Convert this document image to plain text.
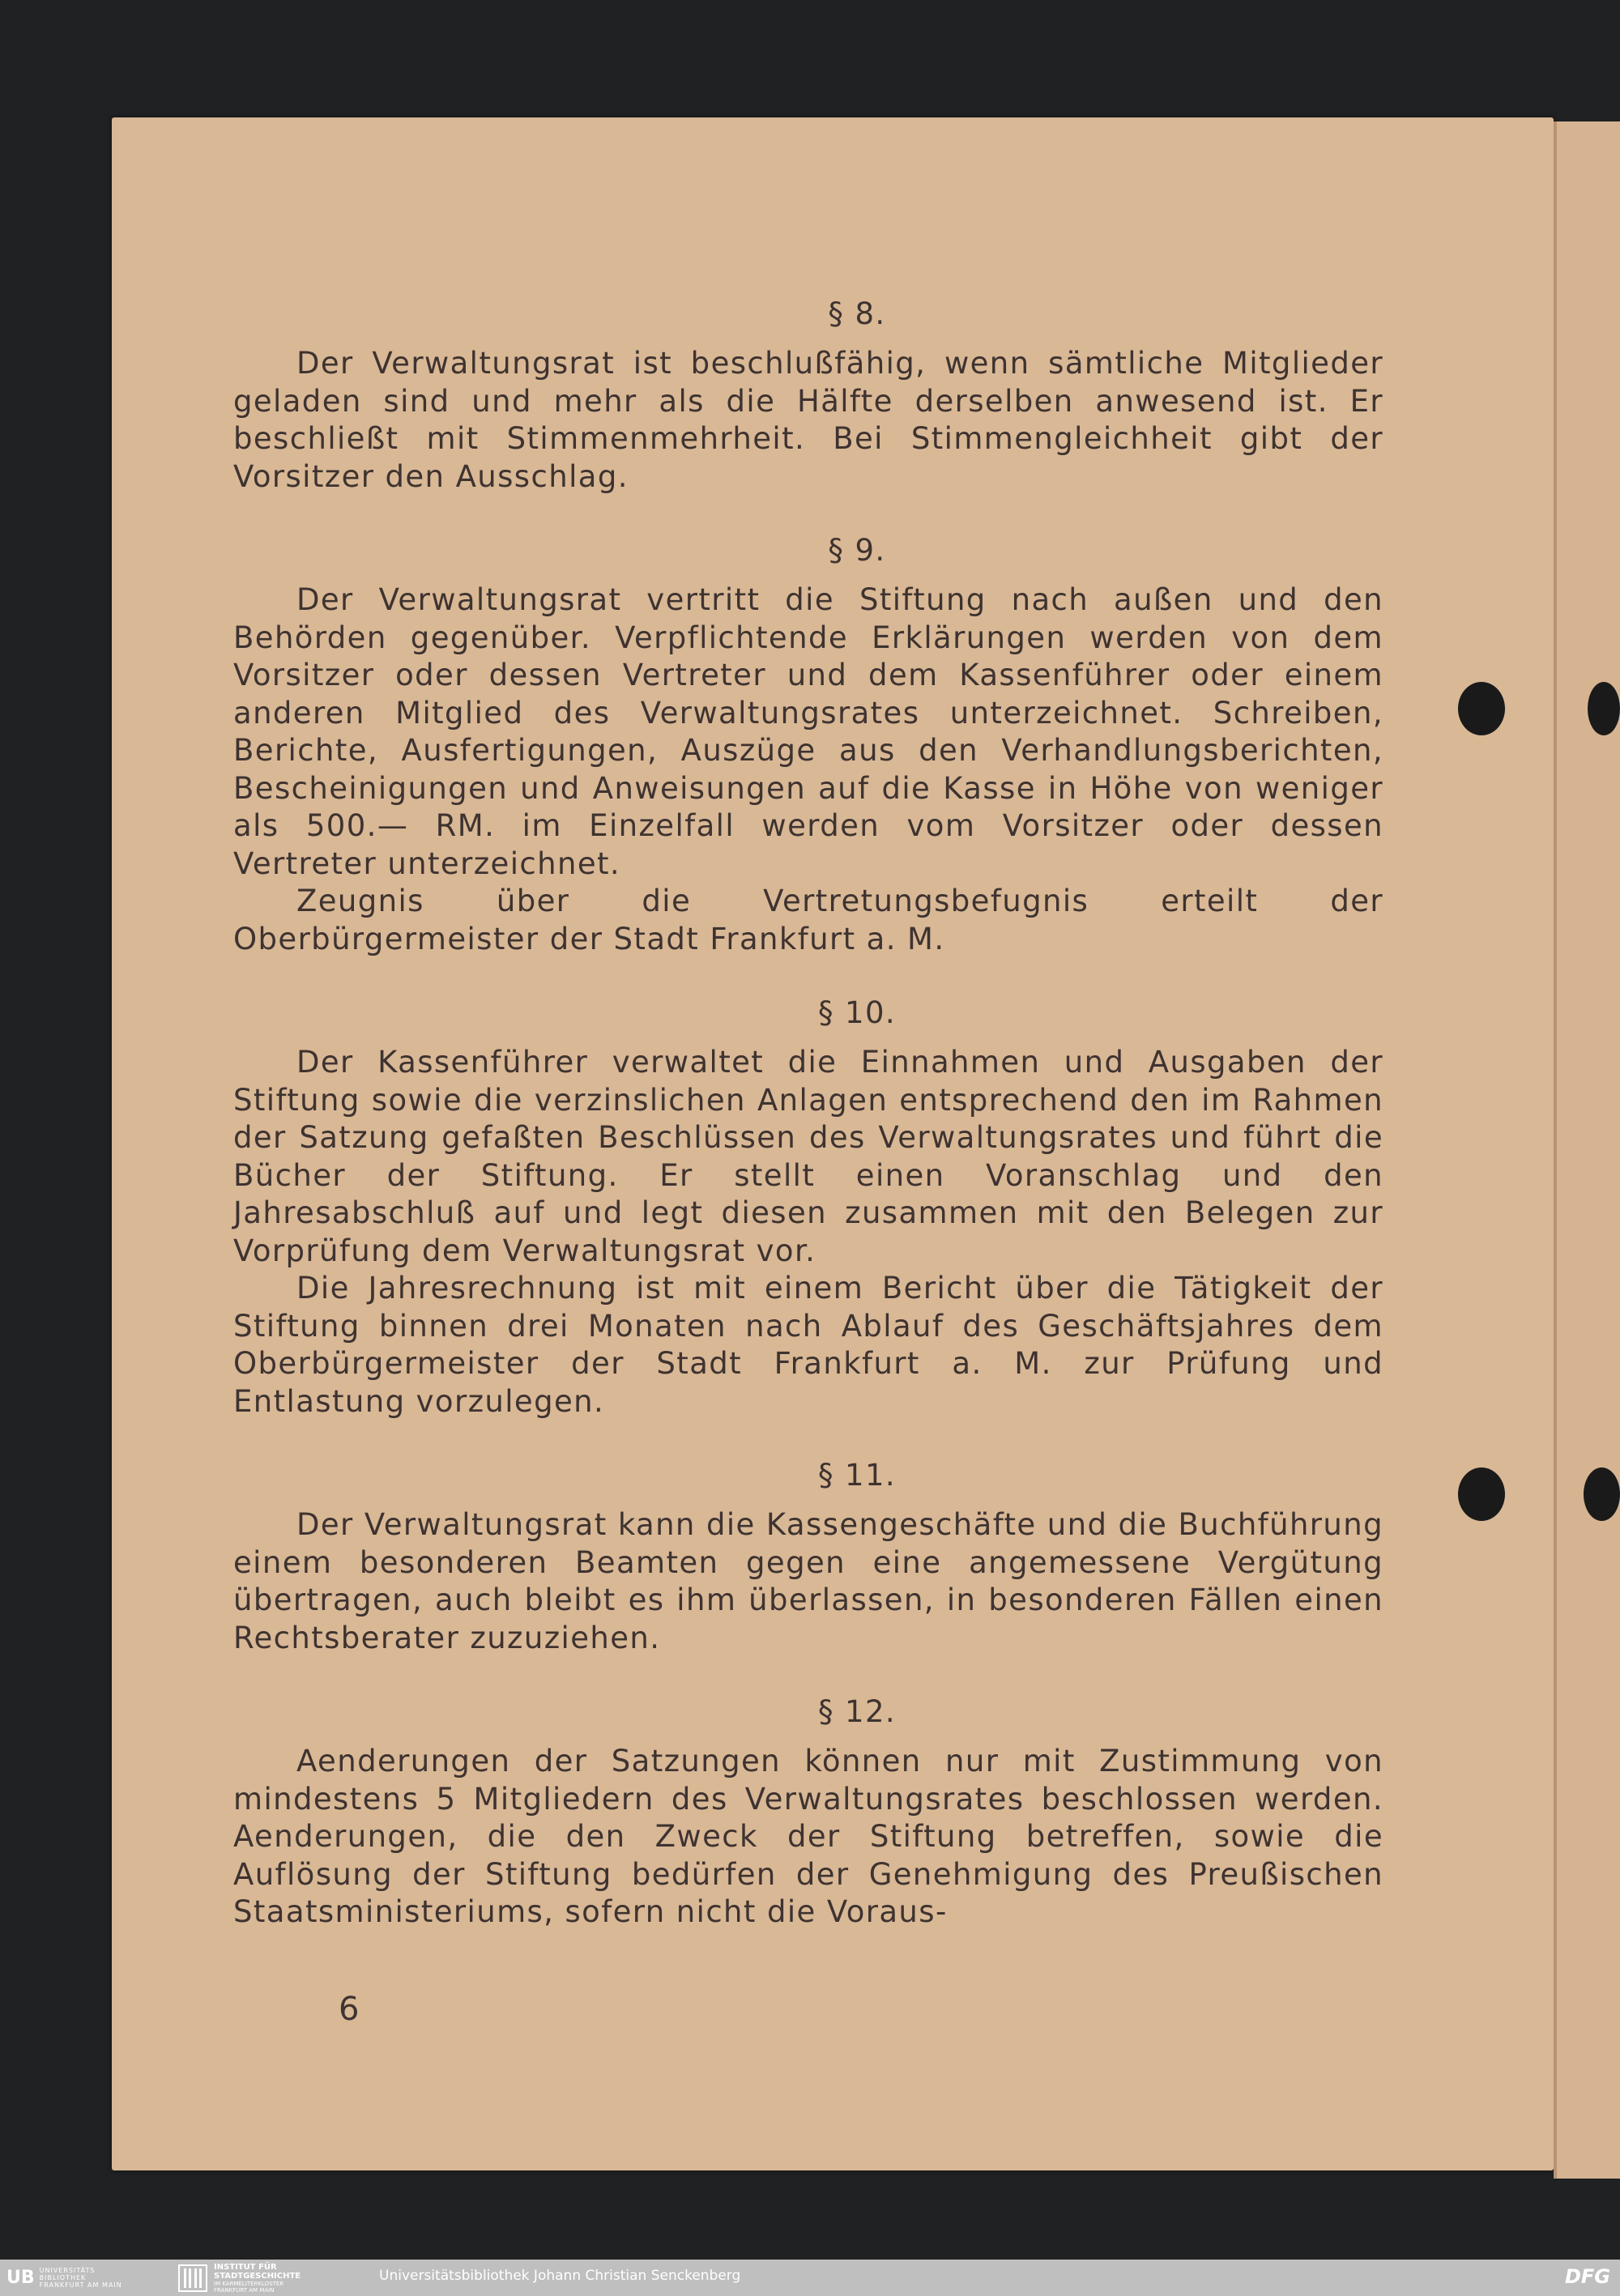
§ 8.

Der Verwaltungsrat ist beschlußfähig, wenn sämtliche Mitglieder geladen sind und mehr als die Hälfte derselben anwesend ist. Er beschließt mit Stimmenmehrheit. Bei Stimmengleichheit gibt der Vorsitzer den Ausschlag.

§ 9.

Der Verwaltungsrat vertritt die Stiftung nach außen und den Behörden gegenüber. Verpflichtende Erklärungen werden von dem Vorsitzer oder dessen Vertreter und dem Kassenführer oder einem anderen Mitglied des Verwaltungsrates unterzeichnet. Schreiben, Berichte, Ausfertigungen, Auszüge aus den Verhandlungsberichten, Bescheinigungen und Anweisungen auf die Kasse in Höhe von weniger als 500.— RM. im Einzelfall werden vom Vorsitzer oder dessen Vertreter unterzeichnet.

Zeugnis über die Vertretungsbefugnis erteilt der Oberbürgermeister der Stadt Frankfurt a. M.

§ 10.

Der Kassenführer verwaltet die Einnahmen und Ausgaben der Stiftung sowie die verzinslichen Anlagen entsprechend den im Rahmen der Satzung gefaßten Beschlüssen des Verwaltungsrates und führt die Bücher der Stiftung. Er stellt einen Voranschlag und den Jahresabschluß auf und legt diesen zusammen mit den Belegen zur Vorprüfung dem Verwaltungsrat vor.

Die Jahresrechnung ist mit einem Bericht über die Tätigkeit der Stiftung binnen drei Monaten nach Ablauf des Geschäftsjahres dem Oberbürgermeister der Stadt Frankfurt a. M. zur Prüfung und Entlastung vorzulegen.

§ 11.

Der Verwaltungsrat kann die Kassengeschäfte und die Buchführung einem besonderen Beamten gegen eine angemessene Vergütung übertragen, auch bleibt es ihm überlassen, in besonderen Fällen einen Rechtsberater zuzuziehen.

§ 12.

Aenderungen der Satzungen können nur mit Zustimmung von mindestens 5 Mitgliedern des Verwaltungsrates beschlossen werden. Aenderungen, die den Zweck der Stiftung betreffen, sowie die Auflösung der Stiftung bedürfen der Genehmigung des Preußischen Staatsministeriums, sofern nicht die Voraus-

6
UB UNIVERSITÄTS
BIBLIOTHEK
FRANKFURT AM MAIN
INSTITUT FÜR
STADTGESCHICHTE
IM KARMELITERKLOSTER
FRANKFURT AM MAIN
Universitätsbibliothek Johann Christian Senckenberg	DFG
